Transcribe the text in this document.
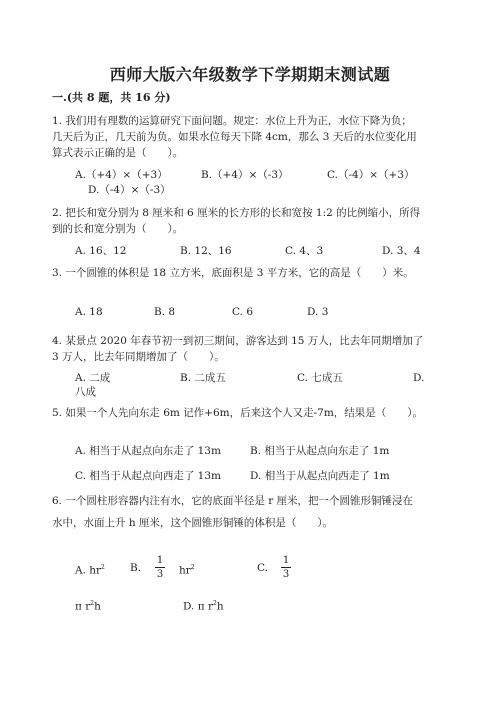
西师大版六年级数学下学期期末测试题
一.(共 8 题，共 16 分)
1. 我们用有理数的运算研究下面问题。规定：水位上升为正，水位下降为负；
几天后为正，几天前为负。如果水位每天下降 4cm，那么 3 天后的水位变化用
算式表示正确的是（　　）。
A.（+4）×（+3）	B.（+4）×（-3）	C.（-4）×（+3）
D.（-4）×（-3）
2. 把长和宽分别为 8 厘米和 6 厘米的长方形的长和宽按 1:2 的比例缩小，所得
到的长和宽分别为（　　）。
A. 16、12	B. 12、16	C. 4、3	D. 3、4
3. 一个圆锥的体积是 18 立方米，底面积是 3 平方米，它的高是（　　）米。
A. 18	B. 8	C. 6	D. 3
4. 某景点 2020 年春节初一到初三期间，游客达到 15 万人，比去年同期增加了
3 万人，比去年同期增加了（　　）。
A. 二成	B. 二成五	C. 七成五	D.
八成
5. 如果一个人先向东走 6m 记作+6m，后来这个人又走-7m，结果是（　　）。
A. 相当于从起点向东走了 13m	B. 相当于从起点向东走了 1m
C. 相当于从起点向西走了 13m	D. 相当于从起点向西走了 1m
6. 一个圆柱形容器内注有水，它的底面半径是 r 厘米，把一个圆锥形铜锤浸在
水中，水面上升 h 厘米，这个圆锥形铜锤的体积是（　　）。
A. $hr^2$ B.
1
3 $hr^2$	C.
1
3
π $r^2h$	D. π $r^2h$
